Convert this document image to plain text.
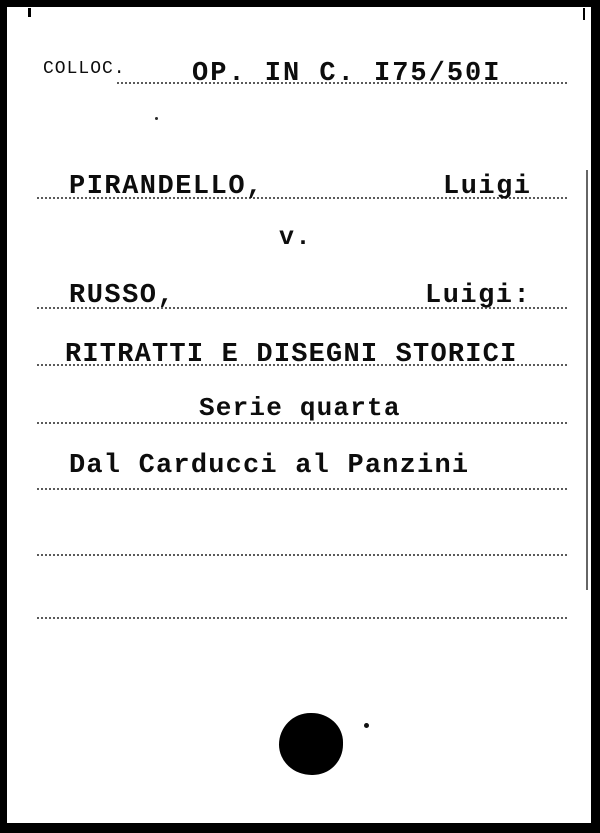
COLLOC. OP. IN C. I75/50I
PIRANDELLO,	Luigi
v.
RUSSO,	Luigi:
RITRATTI E DISEGNI STORICI
Serie quarta
Dal Carducci al Panzini
